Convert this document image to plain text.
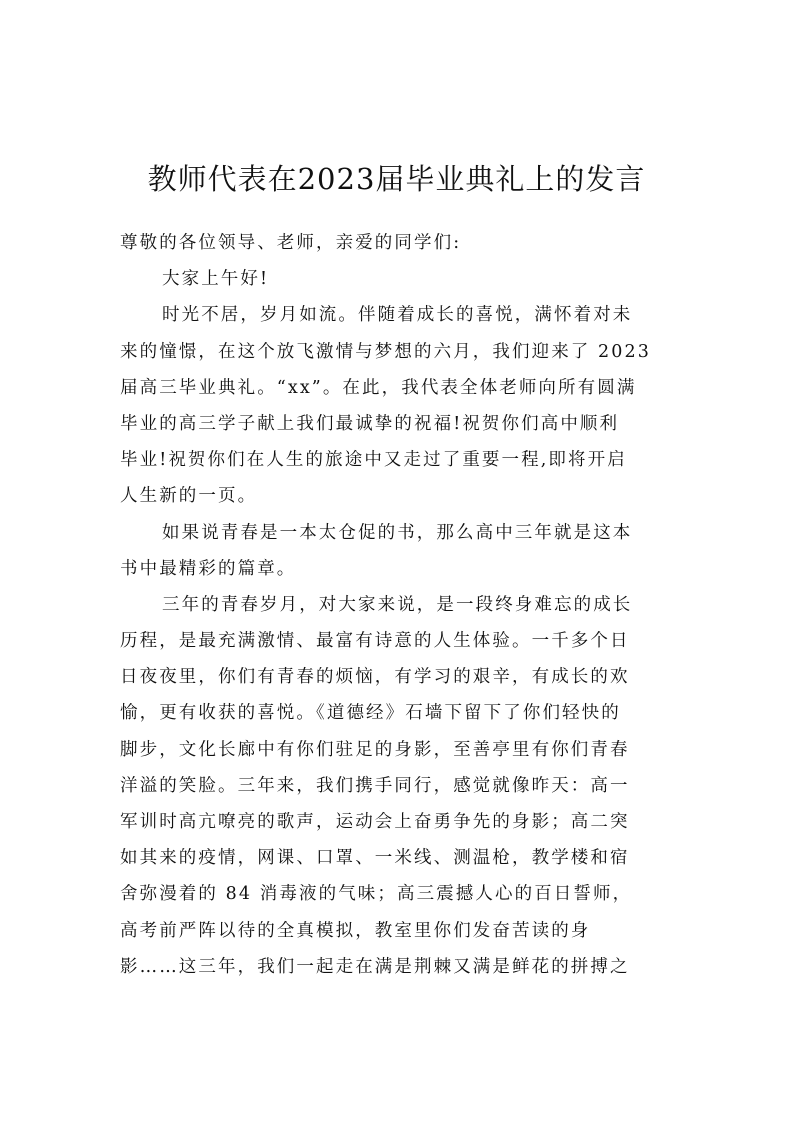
教师代表在2023届毕业典礼上的发言
尊敬的各位领导、老师，亲爱的同学们:
大家上午好!
时光不居，岁月如流。伴随着成长的喜悦，满怀着对未
来的憧憬，在这个放飞激情与梦想的六月，我们迎来了 2023
届高三毕业典礼。“xx”。在此，我代表全体老师向所有圆满
毕业的高三学子献上我们最诚挚的祝福!祝贺你们高中顺利
毕业!祝贺你们在人生的旅途中又走过了重要一程,即将开启
人生新的一页。
如果说青春是一本太仓促的书，那么高中三年就是这本
书中最精彩的篇章。
三年的青春岁月，对大家来说，是一段终身难忘的成长
历程，是最充满激情、最富有诗意的人生体验。一千多个日
日夜夜里，你们有青春的烦恼，有学习的艰辛，有成长的欢
愉，更有收获的喜悦。《道德经》石墙下留下了你们轻快的
脚步，文化长廊中有你们驻足的身影，至善亭里有你们青春
洋溢的笑脸。三年来，我们携手同行，感觉就像昨天：高一
军训时高亢嘹亮的歌声，运动会上奋勇争先的身影；高二突
如其来的疫情，网课、口罩、一米线、测温枪，教学楼和宿
舍弥漫着的 84 消毒液的气味；高三震撼人心的百日誓师，
高考前严阵以待的全真模拟，教室里你们发奋苦读的身
影……这三年，我们一起走在满是荆棘又满是鲜花的拼搏之
